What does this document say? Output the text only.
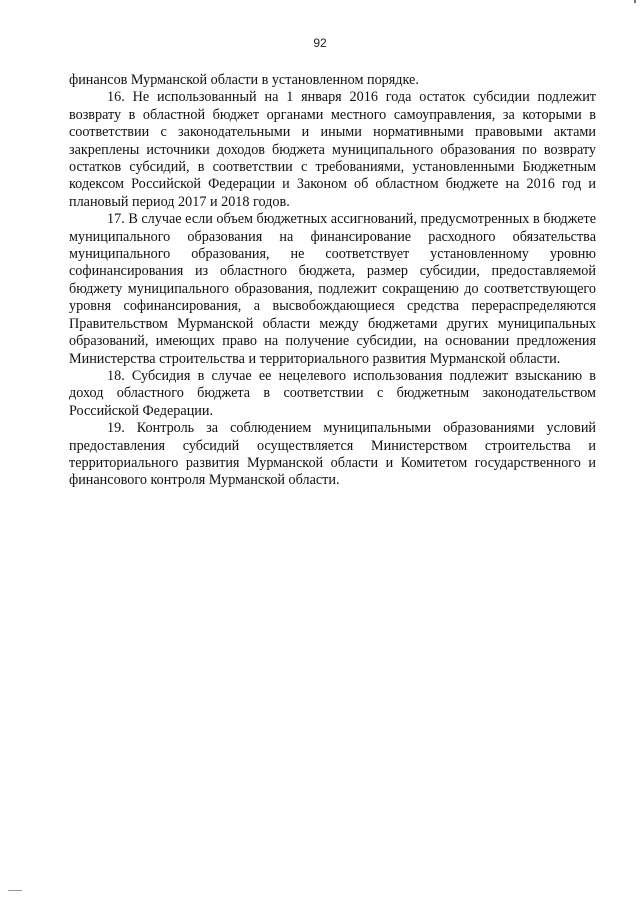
92

финансов Мурманской области в установленном порядке.

16. Не использованный на 1 января 2016 года остаток субсидии подлежит возврату в областной бюджет органами местного самоуправления, за которыми в соответствии с законодательными и иными нормативными правовыми актами закреплены источники доходов бюджета муниципального образования по возврату остатков субсидий, в соответствии с требованиями, установленными Бюджетным кодексом Российской Федерации и Законом об областном бюджете на 2016 год и плановый период 2017 и 2018 годов.

17. В случае если объем бюджетных ассигнований, предусмотренных в бюджете муниципального образования на финансирование расходного обязательства муниципального образования, не соответствует установленному уровню софинансирования из областного бюджета, размер субсидии, предоставляемой бюджету муниципального образования, подлежит сокращению до соответствующего уровня софинансирования, а высвобождающиеся средства перераспределяются Правительством Мурманской области между бюджетами других муниципальных образований, имеющих право на получение субсидии, на основании предложения Министерства строительства и территориального развития Мурманской области.

18. Субсидия в случае ее нецелевого использования подлежит взысканию в доход областного бюджета в соответствии с бюджетным законодательством Российской Федерации.

19. Контроль за соблюдением муниципальными образованиями условий предоставления субсидий осуществляется Министерством строительства и территориального развития Мурманской области и Комитетом государственного и финансового контроля Мурманской области.
